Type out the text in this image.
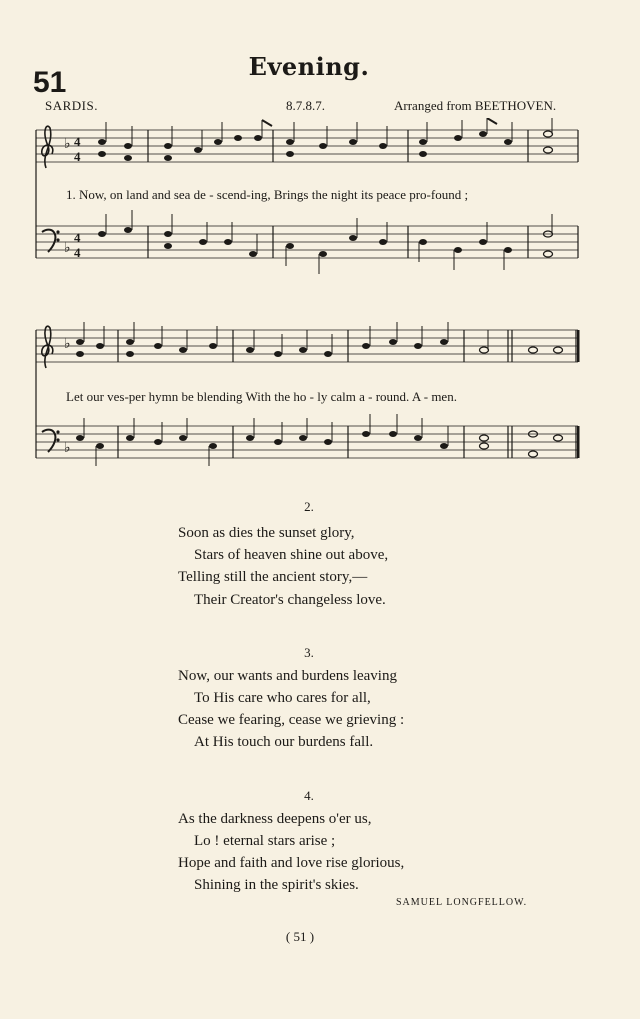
51	Evening.
SARDIS.	8.7.8.7.	Arranged from BEETHOVEN.
♭ 4
4
♭
4
4
1. Now, on land and sea de - scend-ing, Brings the night its peace pro-found ;
♭
♭
Let our ves-per hymn be blending With the ho - ly calm a - round. A - men.
2.
Soon as dies the sunset glory,
Stars of heaven shine out above,
Telling still the ancient story,—
Their Creator's changeless love.
3.
Now, our wants and burdens leaving
To His care who cares for all,
Cease we fearing, cease we grieving :
At His touch our burdens fall.
4.
As the darkness deepens o'er us,
Lo ! eternal stars arise ;
Hope and faith and love rise glorious,
Shining in the spirit's skies.
SAMUEL LONGFELLOW.
( 51 )
